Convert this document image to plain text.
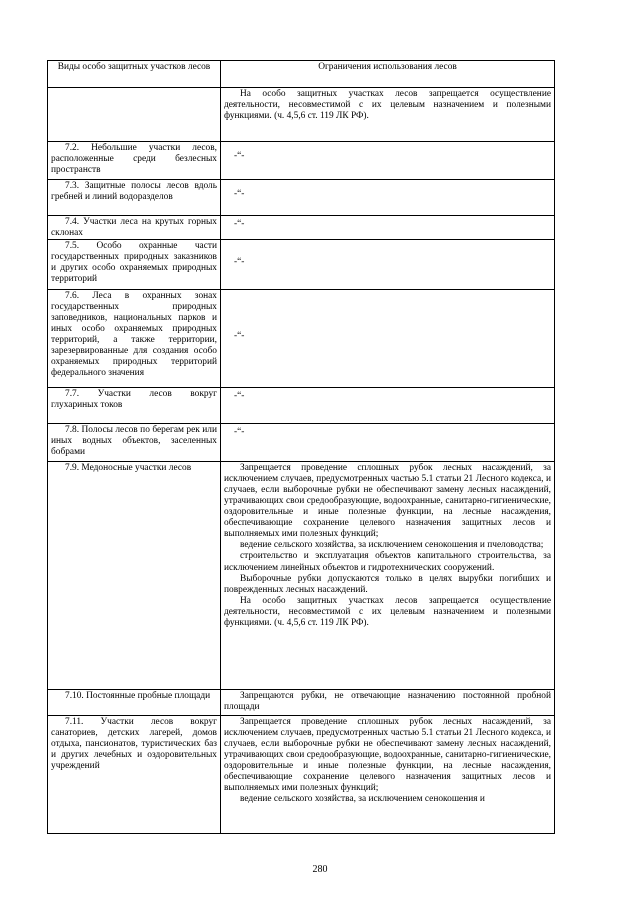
Виды особо защитных участков лесов	Ограничения использования лесов

	На особо защитных участках лесов запрещается осуществление деятельности, несовместимой с их целевым назначением и полезными функциями. (ч. 4,5,6 ст. 119 ЛК РФ).

7.2. Небольшие участки лесов, расположенные среди безлесных пространств	-“-

7.3. Защитные полосы лесов вдоль гребней и линий водоразделов	-“-

7.4. Участки леса на крутых горных склонах	-“-

7.5. Особо охранные части государственных природных заказников и других особо охраняемых природных территорий	-“-

7.6. Леса в охранных зонах государственных природных заповедников, национальных парков и иных особо охраняемых природных территорий, а также территории, зарезервированные для создания особо охраняемых природных территорий федерального значения	-“-

7.7. Участки лесов вокруг глухариных токов	-“-

7.8. Полосы лесов по берегам рек или иных водных объектов, заселенных бобрами	-“-

7.9. Медоносные участки лесов	Запрещается проведение сплошных рубок лесных насаждений, за исключением случаев, предусмотренных частью 5.1 статьи 21 Лесного кодекса, и случаев, если выборочные рубки не обеспечивают замену лесных насаждений, утрачивающих свои средообразующие, водоохранные, санитарно-гигиенические, оздоровительные и иные полезные функции, на лесные насаждения, обеспечивающие сохранение целевого назначения защитных лесов и выполняемых ими полезных функций;

ведение сельского хозяйства, за исключением сенокошения и пчеловодства;

строительство и эксплуатация объектов капитального строительства, за исключением линейных объектов и гидротехнических сооружений.

Выборочные рубки допускаются только в целях вырубки погибших и поврежденных лесных насаждений.

На особо защитных участках лесов запрещается осуществление деятельности, несовместимой с их целевым назначением и полезными функциями. (ч. 4,5,6 ст. 119 ЛК РФ).

7.10. Постоянные пробные площади	Запрещаются рубки, не отвечающие назначению постоянной пробной площади

7.11. Участки лесов вокруг санаториев, детских лагерей, домов отдыха, пансионатов, туристических баз и других лечебных и оздоровительных учреждений	Запрещается проведение сплошных рубок лесных насаждений, за исключением случаев, предусмотренных частью 5.1 статьи 21 Лесного кодекса, и случаев, если выборочные рубки не обеспечивают замену лесных насаждений, утрачивающих свои средообразующие, водоохранные, санитарно-гигиенические, оздоровительные и иные полезные функции, на лесные насаждения, обеспечивающие сохранение целевого назначения защитных лесов и выполняемых ими полезных функций;

ведение сельского хозяйства, за исключением сенокошения и

280
